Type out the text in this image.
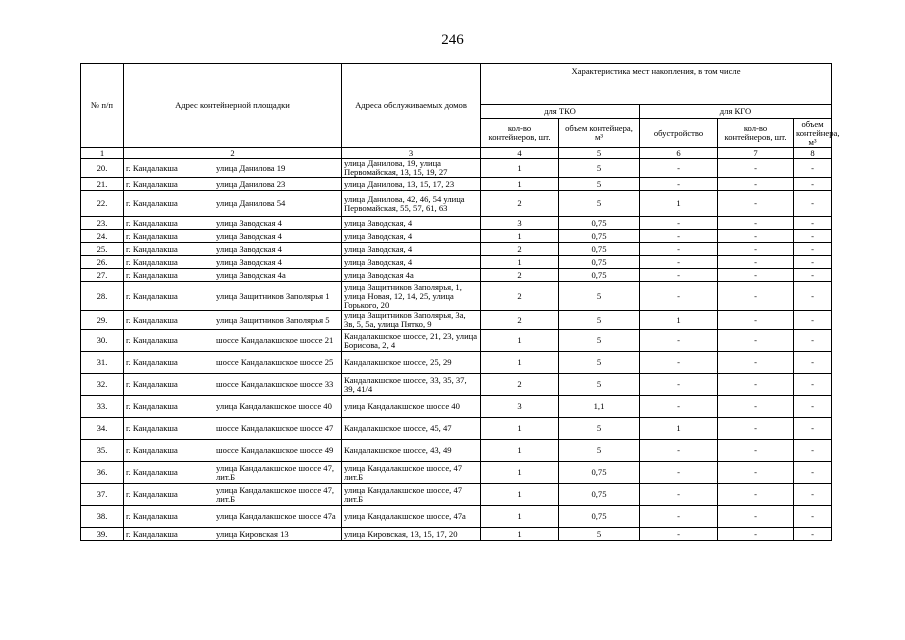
246
№ п/п	Адрес контейнерной площадки	Адреса обслуживаемых домов	Характеристика мест накопления, в том числе				
			для ТКО		для КГО		
			кол-во контейнеров, шт.	объем контейнера, м³	обустройство	кол-во контейнеров, шт.	объем контейнера, м³
1	2	3	4	5	6	7	8
20.	г. Кандалакша улица Данилова 19	улица Данилова, 19, улица Первомайская, 13, 15, 19, 27	1	5	-	-	-
21.	г. Кандалакша улица Данилова 23	улица Данилова, 13, 15, 17, 23	1	5	-	-	-
22.	г. Кандалакша улица Данилова 54	улица Данилова, 42, 46, 54 улица Первомайская, 55, 57, 61, 63	2	5	1	-	-
23.	г. Кандалакша улица Заводская 4	улица Заводская, 4	3	0,75	-	-	-
24.	г. Кандалакша улица Заводская 4	улица Заводская, 4	1	0,75	-	-	-
25.	г. Кандалакша улица Заводская 4	улица Заводская, 4	2	0,75	-	-	-
26.	г. Кандалакша улица Заводская 4	улица Заводская, 4	1	0,75	-	-	-
27.	г. Кандалакша улица Заводская 4а	улица Заводская 4а	2	0,75	-	-	-
28.	г. Кандалакша улица Защитников Заполярья 1	улица Защитников Заполярья, 1, улица Новая, 12, 14, 25, улица Горького, 20	2	5	-	-	-
29.	г. Кандалакша улица Защитников Заполярья 5	улица Защитников Заполярья, 3а, 3в, 5, 5а, улица Пятко, 9	2	5	1	-	-
30.	г. Кандалакша шоссе Кандалакшское шоссе 21	Кандалакшское шоссе, 21, 23, улица Борисова, 2, 4	1	5	-	-	-
31.	г. Кандалакша шоссе Кандалакшское шоссе 25	Кандалакшское шоссе, 25, 29	1	5	-	-	-
32.	г. Кандалакша шоссе Кандалакшское шоссе 33	Кандалакшское шоссе, 33, 35, 37, 39, 41/4	2	5	-	-	-
33.	г. Кандалакша улица Кандалакшское шоссе 40	улица Кандалакшское шоссе 40	3	1,1	-	-	-
34.	г. Кандалакша шоссе Кандалакшское шоссе 47	Кандалакшское шоссе, 45, 47	1	5	1	-	-
35.	г. Кандалакша шоссе Кандалакшское шоссе 49	Кандалакшское шоссе, 43, 49	1	5	-	-	-
36.	г. Кандалакша улица Кандалакшское шоссе 47, лит.Б	улица Кандалакшское шоссе, 47 лит.Б	1	0,75	-	-	-
37.	г. Кандалакша улица Кандалакшское шоссе 47, лит.Б	улица Кандалакшское шоссе, 47 лит.Б	1	0,75	-	-	-
38.	г. Кандалакша улица Кандалакшское шоссе 47а	улица Кандалакшское шоссе, 47а	1	0,75	-	-	-
39.	г. Кандалакша улица Кировская 13	улица Кировская, 13, 15, 17, 20	1	5	-	-	-
